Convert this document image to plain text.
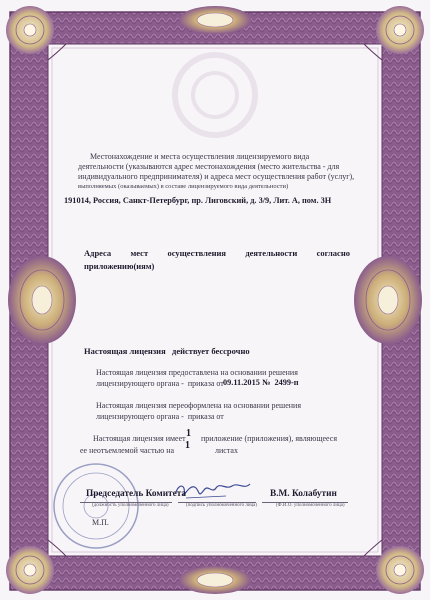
Местонахождение и места осуществления лицензируемого вида
деятельности (указываются адрес местонахождения (место жительства - для
индивидуального предпринимателя) и адреса мест осуществления работ (услуг),
выполняемых (оказываемых) в составе лицензируемого вида деятельности)
191014, Россия, Санкт-Петербург, пр. Лиговский, д. 3/9, Лит. А, пом. 3Н
Адреса мест осуществления деятельности согласно
приложению(иям)
Настоящая лицензия   действует бессрочно
Настоящая лицензия предоставлена на основании решения
лицензирующего органа -  приказа от 09.11.2015 №  2499-п
Настоящая лицензия переоформлена на основании решения
лицензирующего органа -  приказа от
Настоящая лицензия имеет 1 приложение (приложения), являющееся
ее неотъемлемой частью на 1	листах
Председатель Комитета
(должность уполномоченного лица)	(подпись уполномоченного лица)
В.М. Колабутин
(Ф.И.О. уполномоченного лица)
М.П.
